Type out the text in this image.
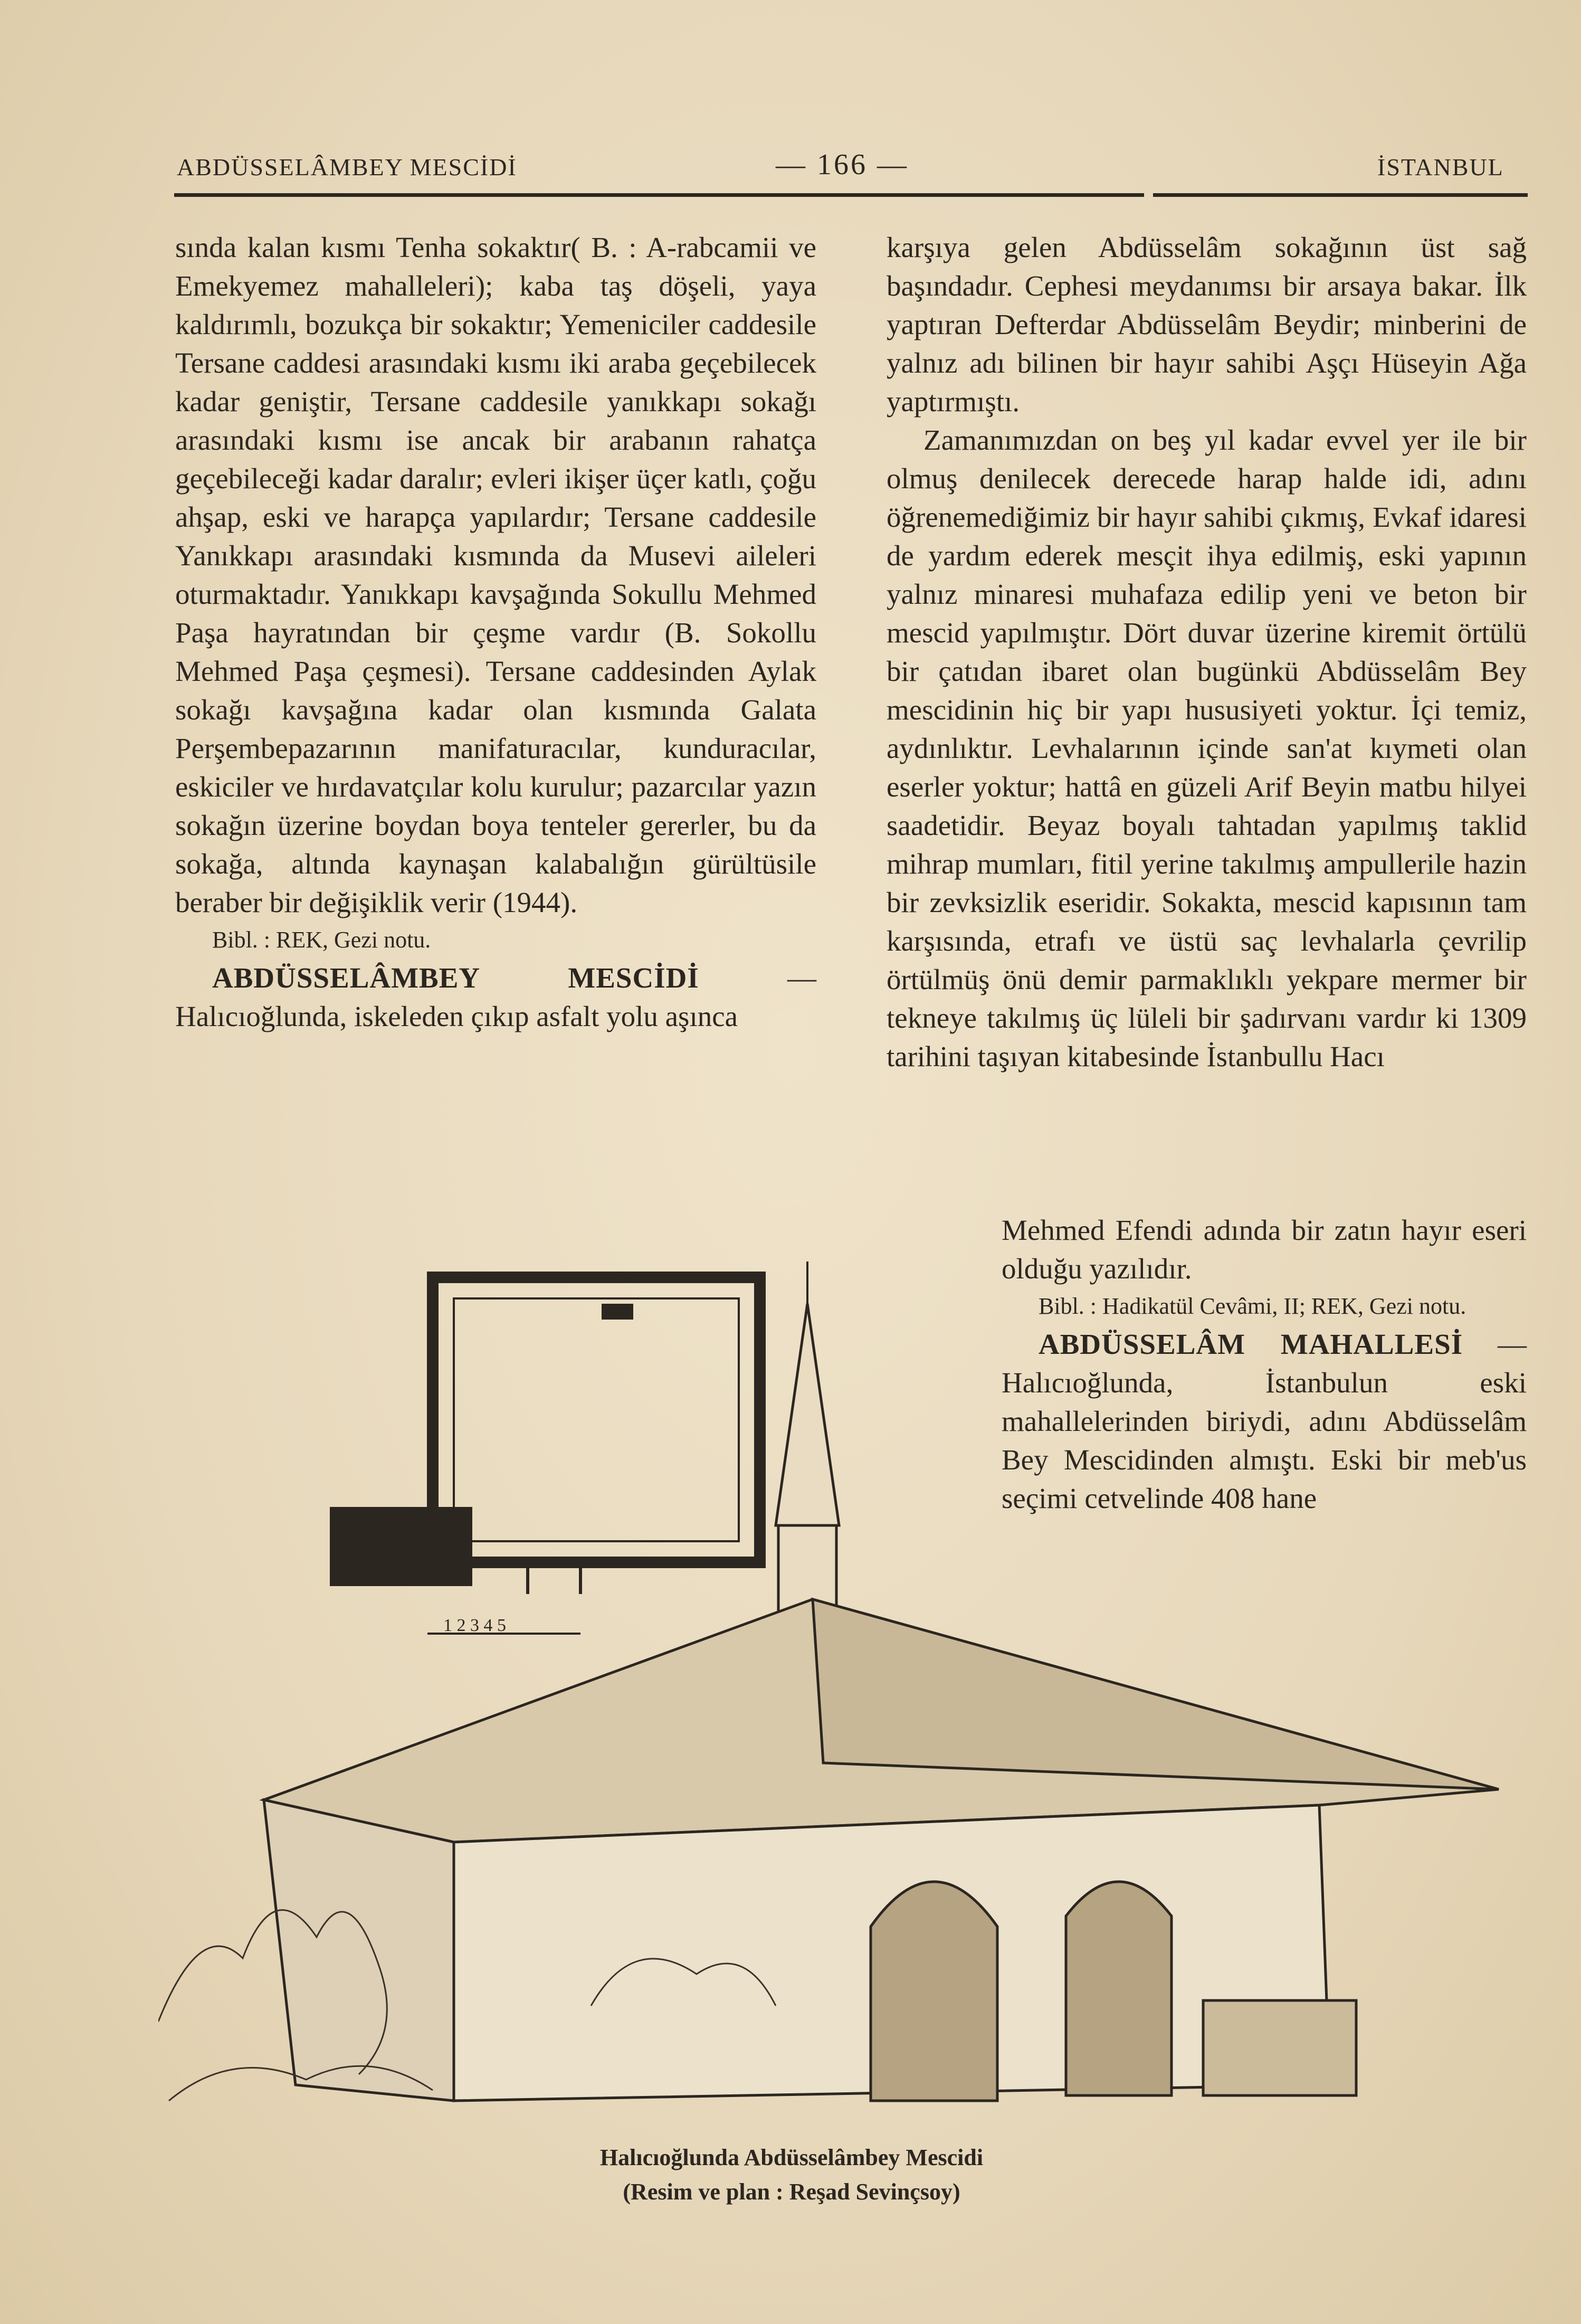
ABDÜSSELÂMBEY MESCİDİ	— 166 —	İSTANBUL

sında kalan kısmı Tenha sokaktır( B. : A-rabcamii ve Emekyemez mahalleleri); kaba taş döşeli, yaya kaldırımlı, bozukça bir sokaktır; Yemeniciler caddesile Tersane caddesi arasındaki kısmı iki araba geçebilecek kadar geniştir, Tersane caddesile yanıkkapı sokağı arasındaki kısmı ise ancak bir arabanın rahatça geçebileceği kadar daralır; evleri ikişer üçer katlı, çoğu ahşap, eski ve harapça yapılardır; Tersane caddesile Yanıkkapı arasındaki kısmında da Musevi aileleri oturmaktadır. Yanıkkapı kavşağında Sokullu Mehmed Paşa hayratından bir çeşme vardır (B. Sokollu Mehmed Paşa çeşmesi). Tersane caddesinden Aylak sokağı kavşağına kadar olan kısmında Galata Perşembepazarının manifaturacılar, kunduracılar, eskiciler ve hırdavatçılar kolu kurulur; pazarcılar yazın sokağın üzerine boydan boya tenteler gererler, bu da sokağa, altında kaynaşan kalabalığın gürültüsile beraber bir değişiklik verir (1944).

Bibl. : REK, Gezi notu.

ABDÜSSELÂMBEY MESCİDİ — Halıcıoğlunda, iskeleden çıkıp asfalt yolu aşınca

karşıya gelen Abdüsselâm sokağının üst sağ başındadır. Cephesi meydanımsı bir arsaya bakar. İlk yaptıran Defterdar Abdüsselâm Beydir; minberini de yalnız adı bilinen bir hayır sahibi Aşçı Hüseyin Ağa yaptırmıştı.

Zamanımızdan on beş yıl kadar evvel yer ile bir olmuş denilecek derecede harap halde idi, adını öğrenemediğimiz bir hayır sahibi çıkmış, Evkaf idaresi de yardım ederek mesçit ihya edilmiş, eski yapının yalnız minaresi muhafaza edilip yeni ve beton bir mescid yapılmıştır. Dört duvar üzerine kiremit örtülü bir çatıdan ibaret olan bugünkü Abdüsselâm Bey mescidinin hiç bir yapı hususiyeti yoktur. İçi temiz, aydınlıktır. Levhalarının içinde san'at kıymeti olan eserler yoktur; hattâ en güzeli Arif Beyin matbu hilyei saadetidir. Beyaz boyalı tahtadan yapılmış taklid mihrap mumları, fitil yerine takılmış ampullerile hazin bir zevksizlik eseridir. Sokakta, mescid kapısının tam karşısında, etrafı ve üstü saç levhalarla çevrilip örtülmüş önü demir parmaklıklı yekpare mermer bir tekneye takılmış üç lüleli bir şadırvanı vardır ki 1309 tarihini taşıyan kitabesinde İstanbullu Hacı

Mehmed Efendi adında bir zatın hayır eseri olduğu yazılıdır.

Bibl. : Hadikatül Cevâmi, II; REK, Gezi notu.

ABDÜSSELÂM MAHALLESİ — Halıcıoğlunda, İstanbulun eski mahallelerinden biriydi, adını Abdüsselâm Bey Mescidinden almıştı. Eski bir meb'us seçimi cetvelinde 408 hane

1 2 3 4 5
Halıcıoğlunda Abdüsselâmbey Mescidi
(Resim ve plan : Reşad Sevinçsoy)
